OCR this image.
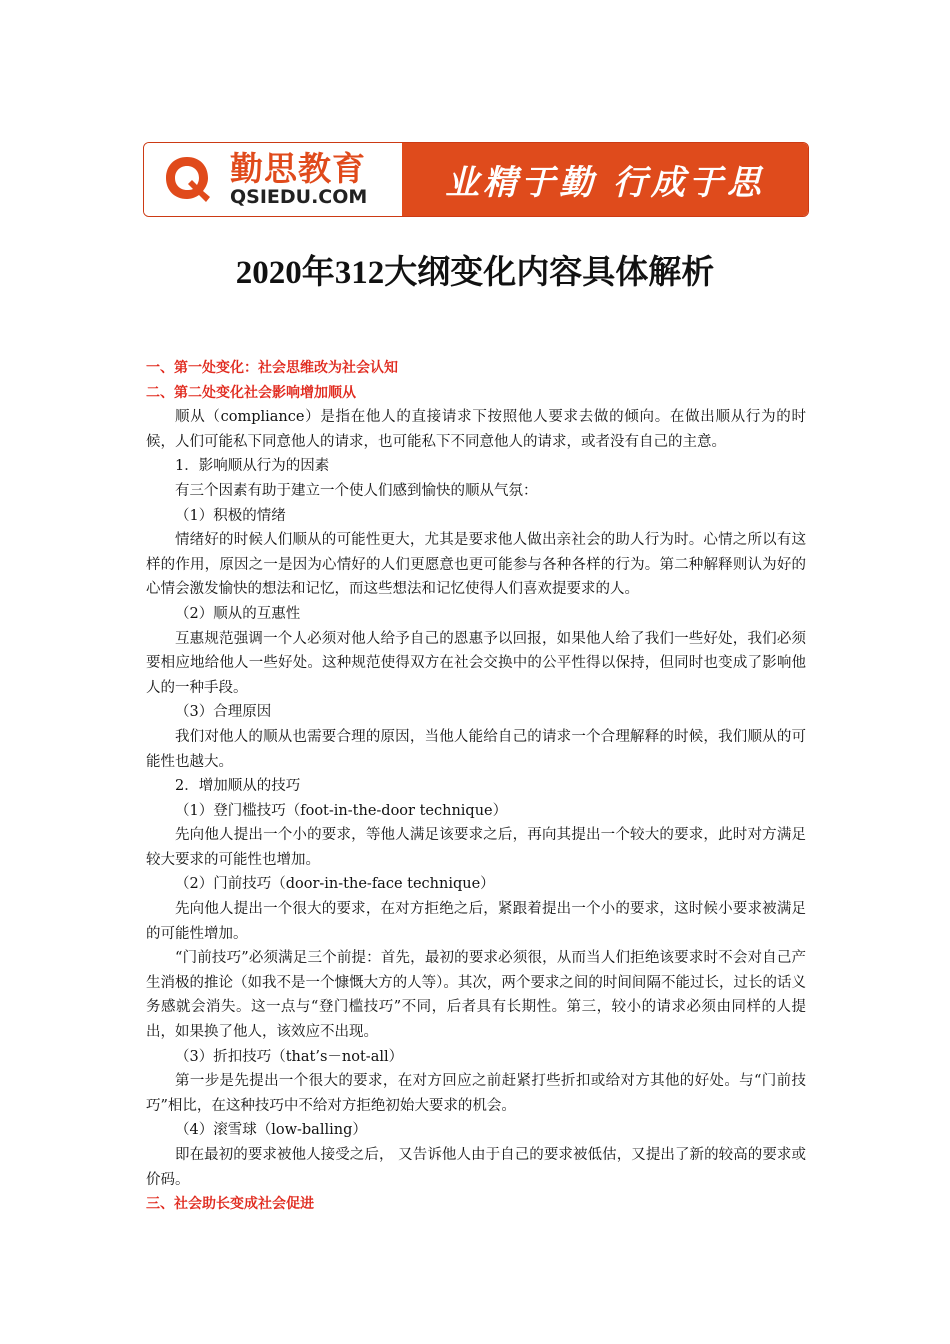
勤思教育
QSIEDU.COM 业精于勤 行成于思
2020年312大纲变化内容具体解析

一、第一处变化：社会思维改为社会认知

二、第二处变化社会影响增加顺从

顺从（compliance）是指在他人的直接请求下按照他人要求去做的倾向。在做出顺从行为的时候，人们可能私下同意他人的请求，也可能私下不同意他人的请求，或者没有自己的主意。

1．影响顺从行为的因素

有三个因素有助于建立一个使人们感到愉快的顺从气氛：

（1）积极的情绪

情绪好的时候人们顺从的可能性更大，尤其是要求他人做出亲社会的助人行为时。心情之所以有这样的作用，原因之一是因为心情好的人们更愿意也更可能参与各种各样的行为。第二种解释则认为好的心情会激发愉快的想法和记忆，而这些想法和记忆使得人们喜欢提要求的人。

（2）顺从的互惠性

互惠规范强调一个人必须对他人给予自己的恩惠予以回报，如果他人给了我们一些好处，我们必须要相应地给他人一些好处。这种规范使得双方在社会交换中的公平性得以保持，但同时也变成了影响他人的一种手段。

（3）合理原因

我们对他人的顺从也需要合理的原因，当他人能给自己的请求一个合理解释的时候，我们顺从的可能性也越大。

2．增加顺从的技巧

（1）登门槛技巧（foot-in-the-door technique）

先向他人提出一个小的要求，等他人满足该要求之后，再向其提出一个较大的要求，此时对方满足较大要求的可能性也增加。

（2）门前技巧（door-in-the-face technique）

先向他人提出一个很大的要求，在对方拒绝之后，紧跟着提出一个小的要求，这时候小要求被满足的可能性增加。

“门前技巧”必须满足三个前提：首先，最初的要求必须很，从而当人们拒绝该要求时不会对自己产生消极的推论（如我不是一个慷慨大方的人等）。其次，两个要求之间的时间间隔不能过长，过长的话义务感就会消失。这一点与“登门槛技巧”不同，后者具有长期性。第三，较小的请求必须由同样的人提出，如果换了他人，该效应不出现。

（3）折扣技巧（that’s－not-all）

第一步是先提出一个很大的要求，在对方回应之前赶紧打些折扣或给对方其他的好处。与“门前技巧”相比，在这种技巧中不给对方拒绝初始大要求的机会。

（4）滚雪球（low-balling）

即在最初的要求被他人接受之后， 又告诉他人由于自己的要求被低估，又提出了新的较高的要求或价码。

三、社会助长变成社会促进
